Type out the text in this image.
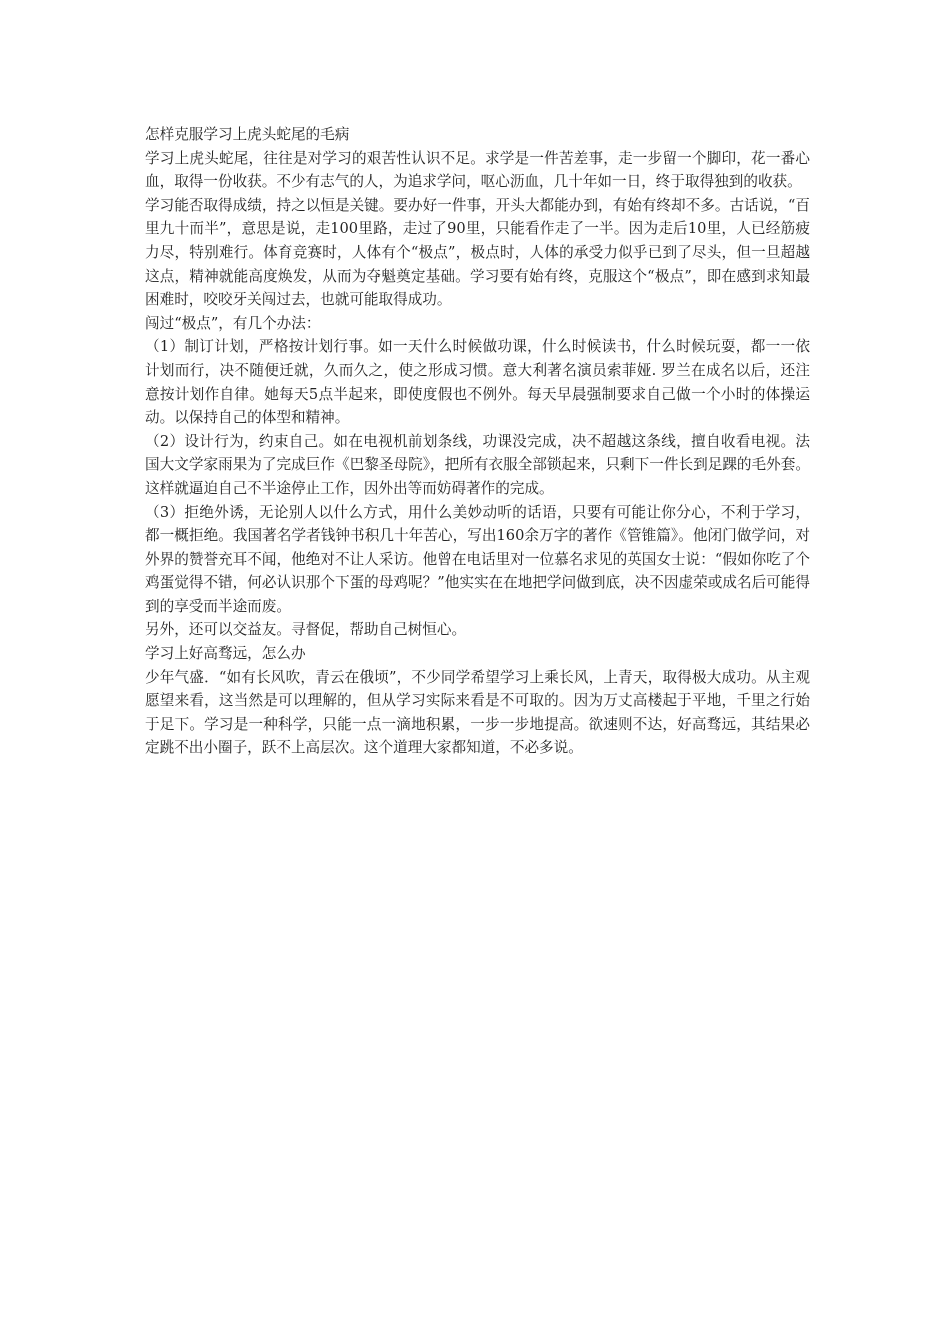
怎样克服学习上虎头蛇尾的毛病

学习上虎头蛇尾，往往是对学习的艰苦性认识不足。求学是一件苦差事，走一步留一个脚印，花一番心血，取得一份收获。不少有志气的人，为追求学问，呕心沥血，几十年如一日，终于取得独到的收获。

学习能否取得成绩，持之以恒是关键。要办好一件事，开头大都能办到，有始有终却不多。古话说，“百里九十而半”，意思是说，走100里路，走过了90里，只能看作走了一半。因为走后10里，人已经筋疲力尽，特别难行。体育竞赛时，人体有个“极点”，极点时，人体的承受力似乎已到了尽头，但一旦超越这点，精神就能高度焕发，从而为夺魁奠定基础。学习要有始有终，克服这个“极点”，即在感到求知最困难时，咬咬牙关闯过去，也就可能取得成功。

闯过“极点”，有几个办法：

（1）制订计划，严格按计划行事。如一天什么时候做功课，什么时候读书，什么时候玩耍，都一一依计划而行，决不随便迁就，久而久之，使之形成习惯。意大利著名演员索菲娅. 罗兰在成名以后，还注意按计划作自律。她每天5点半起来，即使度假也不例外。每天早晨强制要求自己做一个小时的体操运动。以保持自己的体型和精神。

（2）设计行为，约束自己。如在电视机前划条线，功课没完成，决不超越这条线，擅自收看电视。法国大文学家雨果为了完成巨作《巴黎圣母院》，把所有衣服全部锁起来，只剩下一件长到足踝的毛外套。这样就逼迫自己不半途停止工作，因外出等而妨碍著作的完成。

（3）拒绝外诱，无论别人以什么方式，用什么美妙动听的话语，只要有可能让你分心，不利于学习，都一概拒绝。我国著名学者钱钟书积几十年苦心，写出160余万字的著作《管锥篇》。他闭门做学问，对外界的赞誉充耳不闻，他绝对不让人采访。他曾在电话里对一位慕名求见的英国女士说：“假如你吃了个鸡蛋觉得不错，何必认识那个下蛋的母鸡呢？”他实实在在地把学问做到底，决不因虚荣或成名后可能得到的享受而半途而废。

另外，还可以交益友。寻督促，帮助自己树恒心。

学习上好高骛远，怎么办

少年气盛．“如有长风吹，青云在俄顷”，不少同学希望学习上乘长风，上青天，取得极大成功。从主观愿望来看，这当然是可以理解的，但从学习实际来看是不可取的。因为万丈高楼起于平地，千里之行始于足下。学习是一种科学，只能一点一滴地积累，一步一步地提高。欲速则不达，好高骛远，其结果必定跳不出小圈子，跃不上高层次。这个道理大家都知道，不必多说。
